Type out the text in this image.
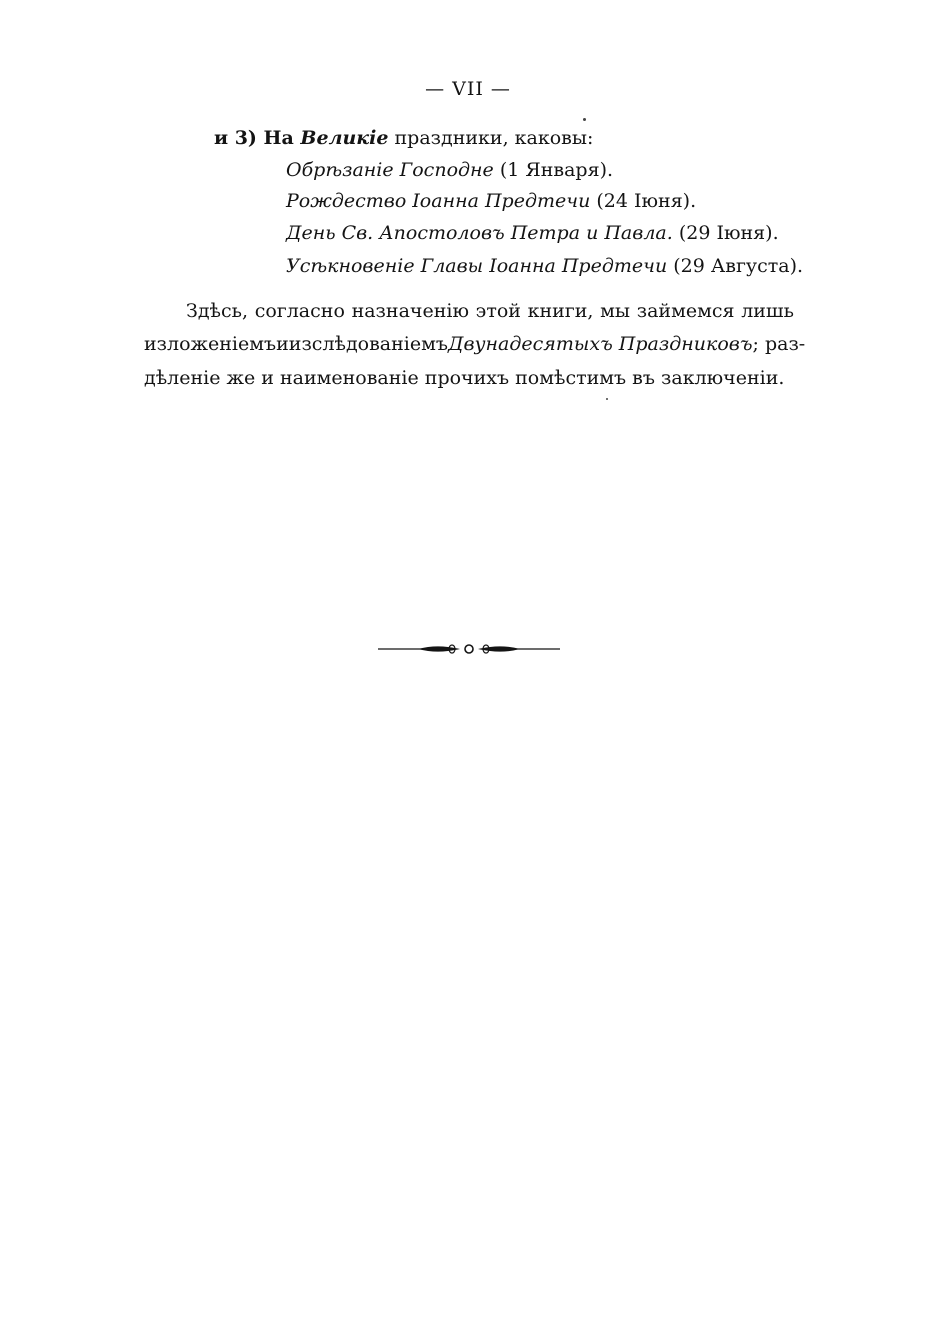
— VII —
и 3) На Великie праздники, каковы:
Обрѣзанie Господне (1 Января).
Рождество Iоанна Предтечи (24 Iюня).
День Св. Апостоловъ Петра и Павла. (29 Iюня).
Усѣкновенie Главы Iоанна Предтечи (29 Августа).
Здѣсь, согласно назначенiю этой книги, мы займемся лишь
изложенiемъ и изслѣдованiемъ Двунадесятыхъ Праздниковъ; раз-
дѣленie же и наименованie прочихъ помѣстимъ въ заключенiи.
